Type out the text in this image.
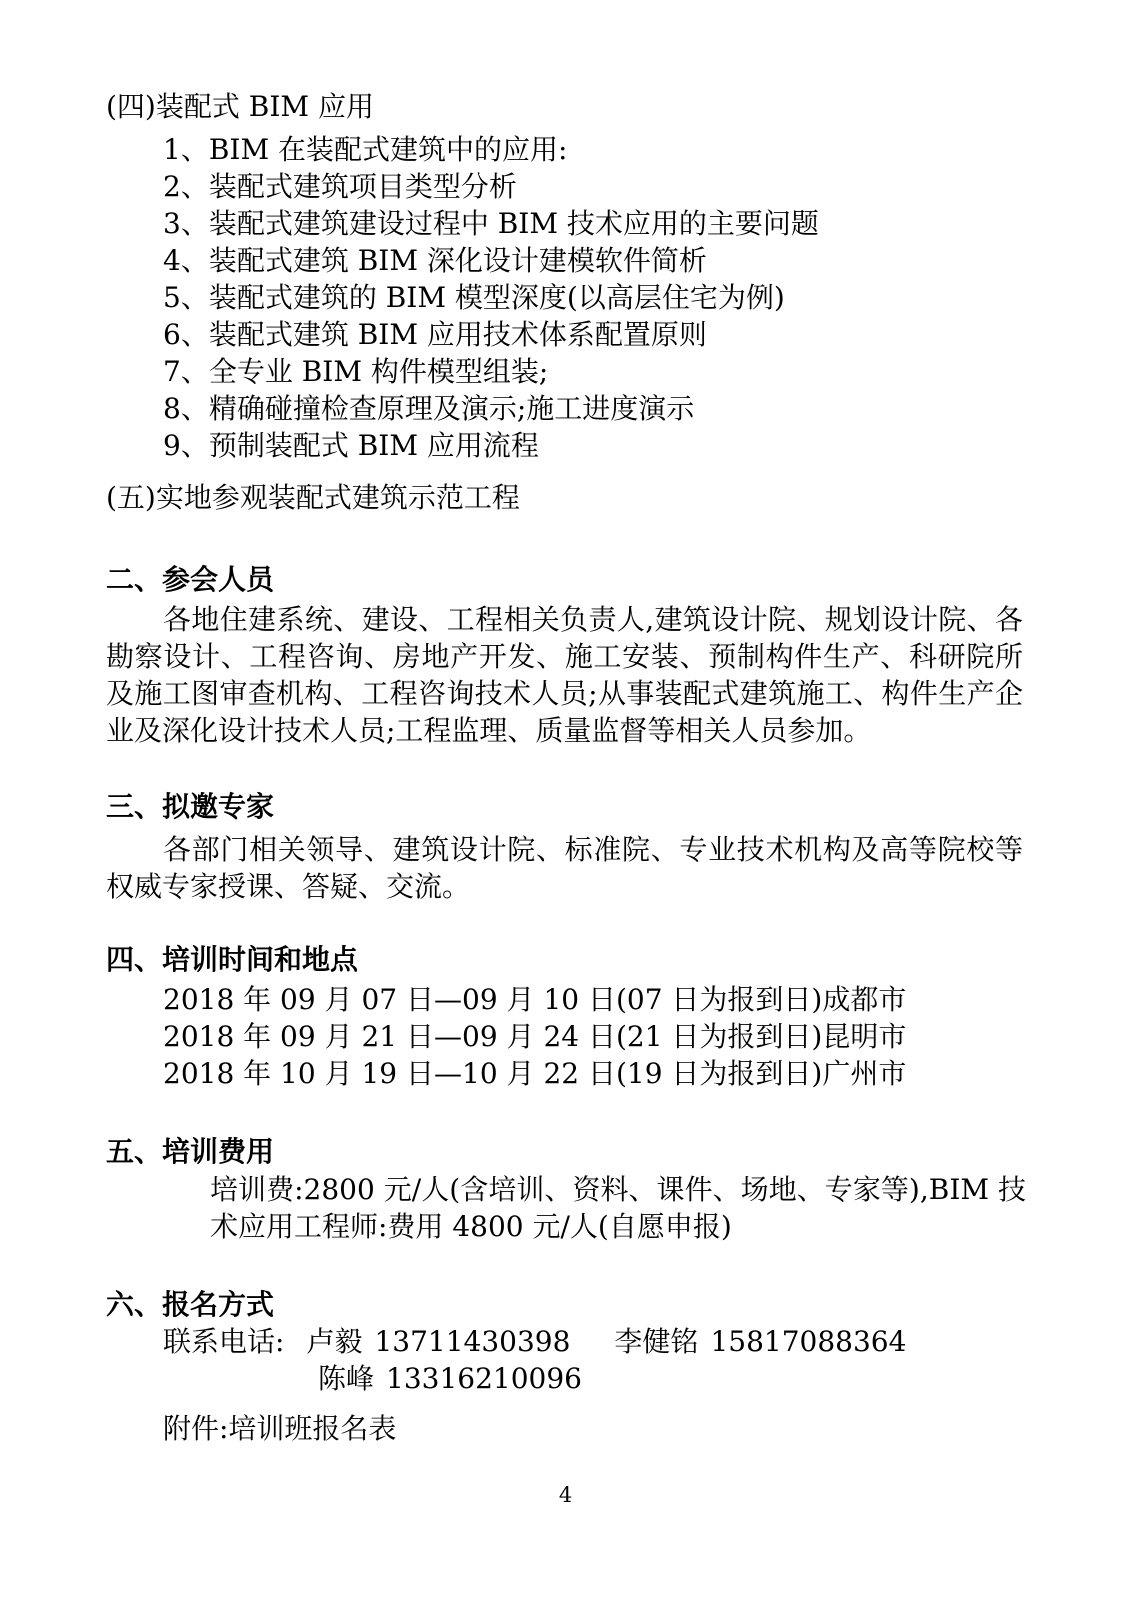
(四)装配式 BIM 应用
1、BIM 在装配式建筑中的应用:
2、装配式建筑项目类型分析
3、装配式建筑建设过程中 BIM 技术应用的主要问题
4、装配式建筑 BIM 深化设计建模软件简析
5、装配式建筑的 BIM 模型深度(以高层住宅为例)
6、装配式建筑 BIM 应用技术体系配置原则
7、全专业 BIM 构件模型组装;
8、精确碰撞检查原理及演示;施工进度演示
9、预制装配式 BIM 应用流程
(五)实地参观装配式建筑示范工程
二、参会人员

各地住建系统、建设、工程相关负责人,建筑设计院、规划设计院、各勘察设计、工程咨询、房地产开发、施工安装、预制构件生产、科研院所及施工图审查机构、工程咨询技术人员;从事装配式建筑施工、构件生产企业及深化设计技术人员;工程监理、质量监督等相关人员参加。

三、拟邀专家

各部门相关领导、建筑设计院、标准院、专业技术机构及高等院校等权威专家授课、答疑、交流。

四、培训时间和地点
2018 年 09 月 07 日—09 月 10 日(07 日为报到日)成都市
2018 年 09 月 21 日—09 月 24 日(21 日为报到日)昆明市
2018 年 10 月 19 日—10 月 22 日(19 日为报到日)广州市
五、培训费用

培训费:2800 元/人(含培训、资料、课件、场地、专家等),BIM 技术应用工程师:费用 4800 元/人(自愿申报)

六、报名方式
联系电话: 卢毅 13711430398 李健铭 15817088364
陈峰 13316210096
附件:培训班报名表
4
